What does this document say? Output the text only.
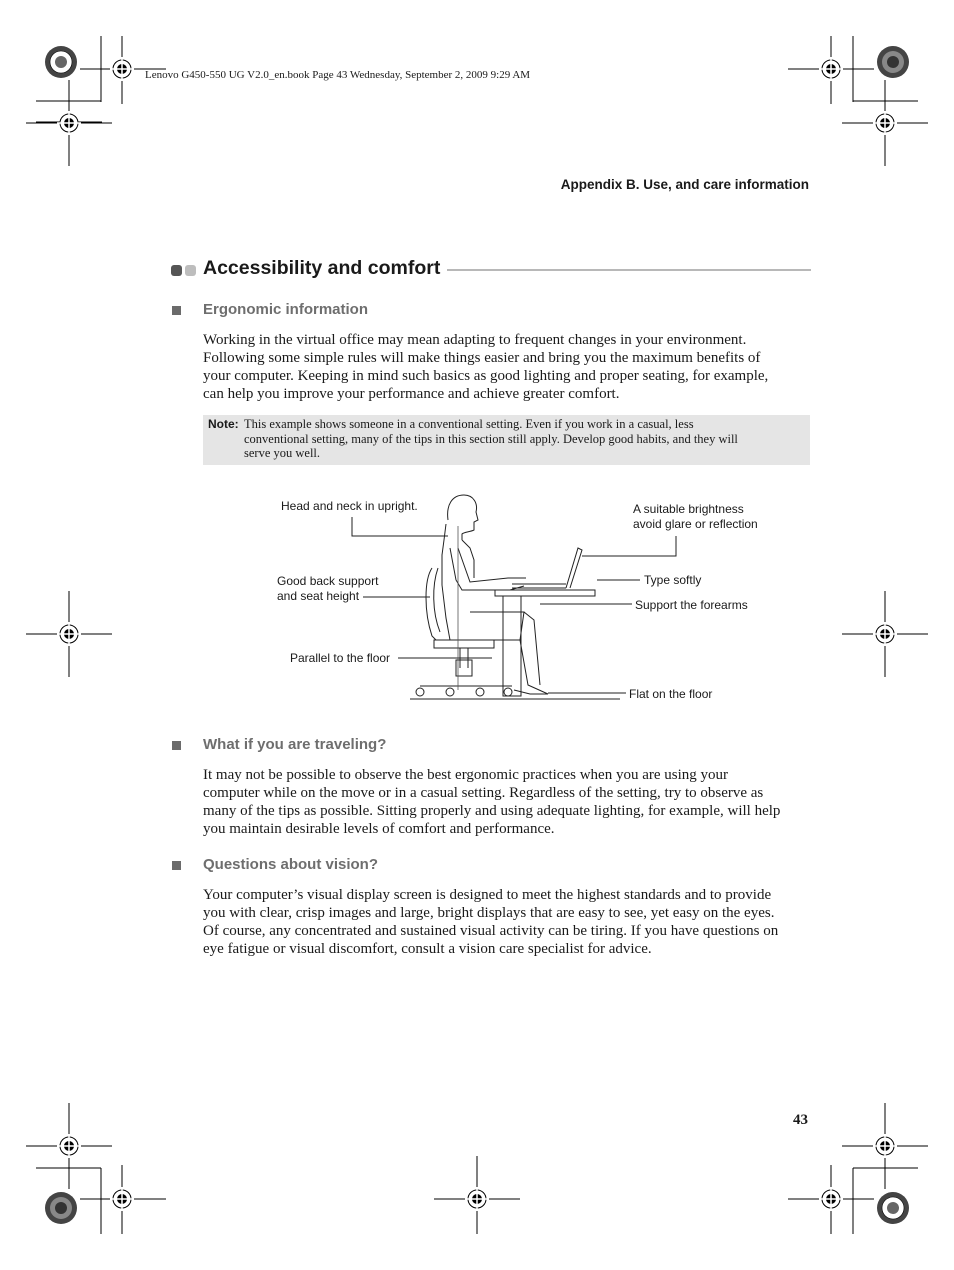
Lenovo G450-550 UG V2.0_en.book Page 43 Wednesday, September 2, 2009 9:29 AM
Appendix B. Use, and care information
Accessibility and comfort
Ergonomic information
Working in the virtual office may mean adapting to frequent changes in your environment.
Following some simple rules will make things easier and bring you the maximum benefits of
your computer. Keeping in mind such basics as good lighting and proper seating, for example,
can help you improve your performance and achieve greater comfort.
Note: This example shows someone in a conventional setting. Even if you work in a casual, less
conventional setting, many of the tips in this section still apply. Develop good habits, and they will
serve you well.
Head and neck in upright.	A suitable brightness
avoid glare or reflection
Good back support
and seat height
Type softly
Support the forearms
Parallel to the floor
Flat on the floor
What if you are traveling?
It may not be possible to observe the best ergonomic practices when you are using your
computer while on the move or in a casual setting. Regardless of the setting, try to observe as
many of the tips as possible. Sitting properly and using adequate lighting, for example, will help
you maintain desirable levels of comfort and performance.
Questions about vision?
Your computer’s visual display screen is designed to meet the highest standards and to provide
you with clear, crisp images and large, bright displays that are easy to see, yet easy on the eyes.
Of course, any concentrated and sustained visual activity can be tiring. If you have questions on
eye fatigue or visual discomfort, consult a vision care specialist for advice.
43
